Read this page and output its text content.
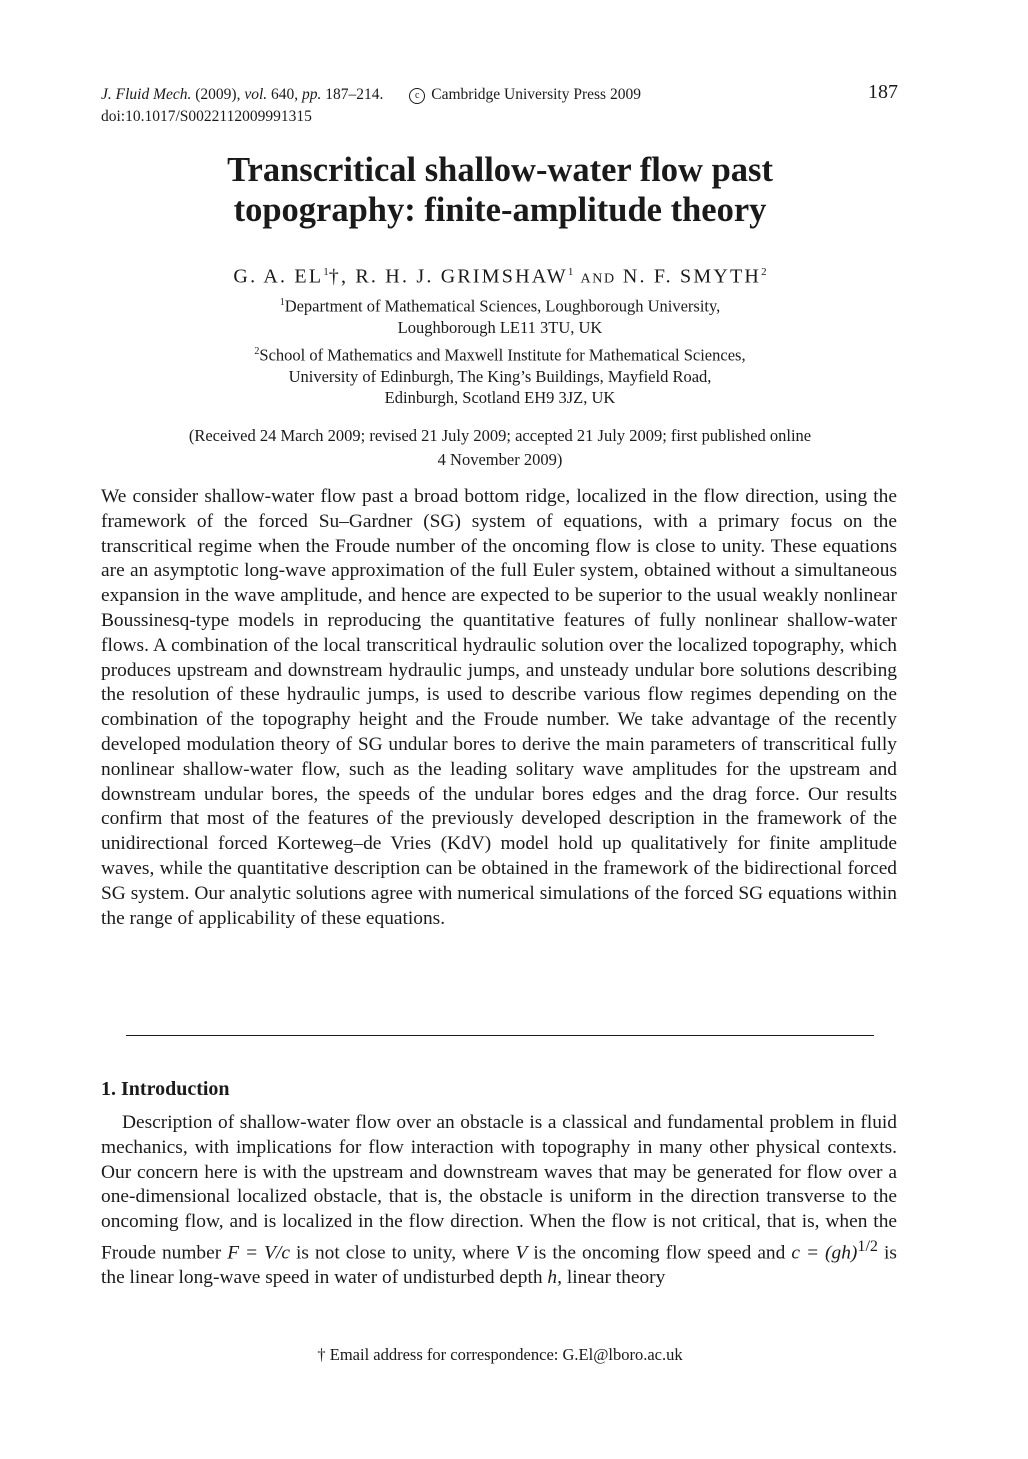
J. Fluid Mech. (2009), vol. 640, pp. 187–214.	c Cambridge University Press 2009
doi:10.1017/S0022112009991315
187
Transcritical shallow-water flow past
topography: finite-amplitude theory
G. A. $EL^1\dagger$, R. H. J. GRIMSHAW$^1$ AND N. F. SMYTH$^2$
$^1$Department of Mathematical Sciences, Loughborough University,
Loughborough LE11 3TU, UK
$^2$School of Mathematics and Maxwell Institute for Mathematical Sciences,
University of Edinburgh, The King’s Buildings, Mayfield Road,
Edinburgh, Scotland EH9 3JZ, UK
(Received 24 March 2009; revised 21 July 2009; accepted 21 July 2009; first published online
4 November 2009)
We consider shallow-water flow past a broad bottom ridge, localized in the flow direction, using the framework of the forced Su–Gardner (SG) system of equations, with a primary focus on the transcritical regime when the Froude number of the oncoming flow is close to unity. These equations are an asymptotic long-wave approximation of the full Euler system, obtained without a simultaneous expansion in the wave amplitude, and hence are expected to be superior to the usual weakly nonlinear Boussinesq-type models in reproducing the quantitative features of fully nonlinear shallow-water flows. A combination of the local transcritical hydraulic solution over the localized topography, which produces upstream and downstream hydraulic jumps, and unsteady undular bore solutions describing the resolution of these hydraulic jumps, is used to describe various flow regimes depending on the combination of the topography height and the Froude number. We take advantage of the recently developed modulation theory of SG undular bores to derive the main parameters of transcritical fully nonlinear shallow-water flow, such as the leading solitary wave amplitudes for the upstream and downstream undular bores, the speeds of the undular bores edges and the drag force. Our results confirm that most of the features of the previously developed description in the framework of the unidirectional forced Korteweg–de Vries (KdV) model hold up qualitatively for finite amplitude waves, while the quantitative description can be obtained in the framework of the bidirectional forced SG system. Our analytic solutions agree with numerical simulations of the forced SG equations within the range of applicability of these equations.
1. Introduction
Description of shallow-water flow over an obstacle is a classical and fundamental problem in fluid mechanics, with implications for flow interaction with topography in many other physical contexts. Our concern here is with the upstream and downstream waves that may be generated for flow over a one-dimensional localized obstacle, that is, the obstacle is uniform in the direction transverse to the oncoming flow, and is localized in the flow direction. When the flow is not critical, that is, when the Froude number F = V/c is not close to unity, where V is the oncoming flow speed and c = (gh)$^{1/2}$ is the linear long-wave speed in water of undisturbed depth h, linear theory
† Email address for correspondence: G.El@lboro.ac.uk
